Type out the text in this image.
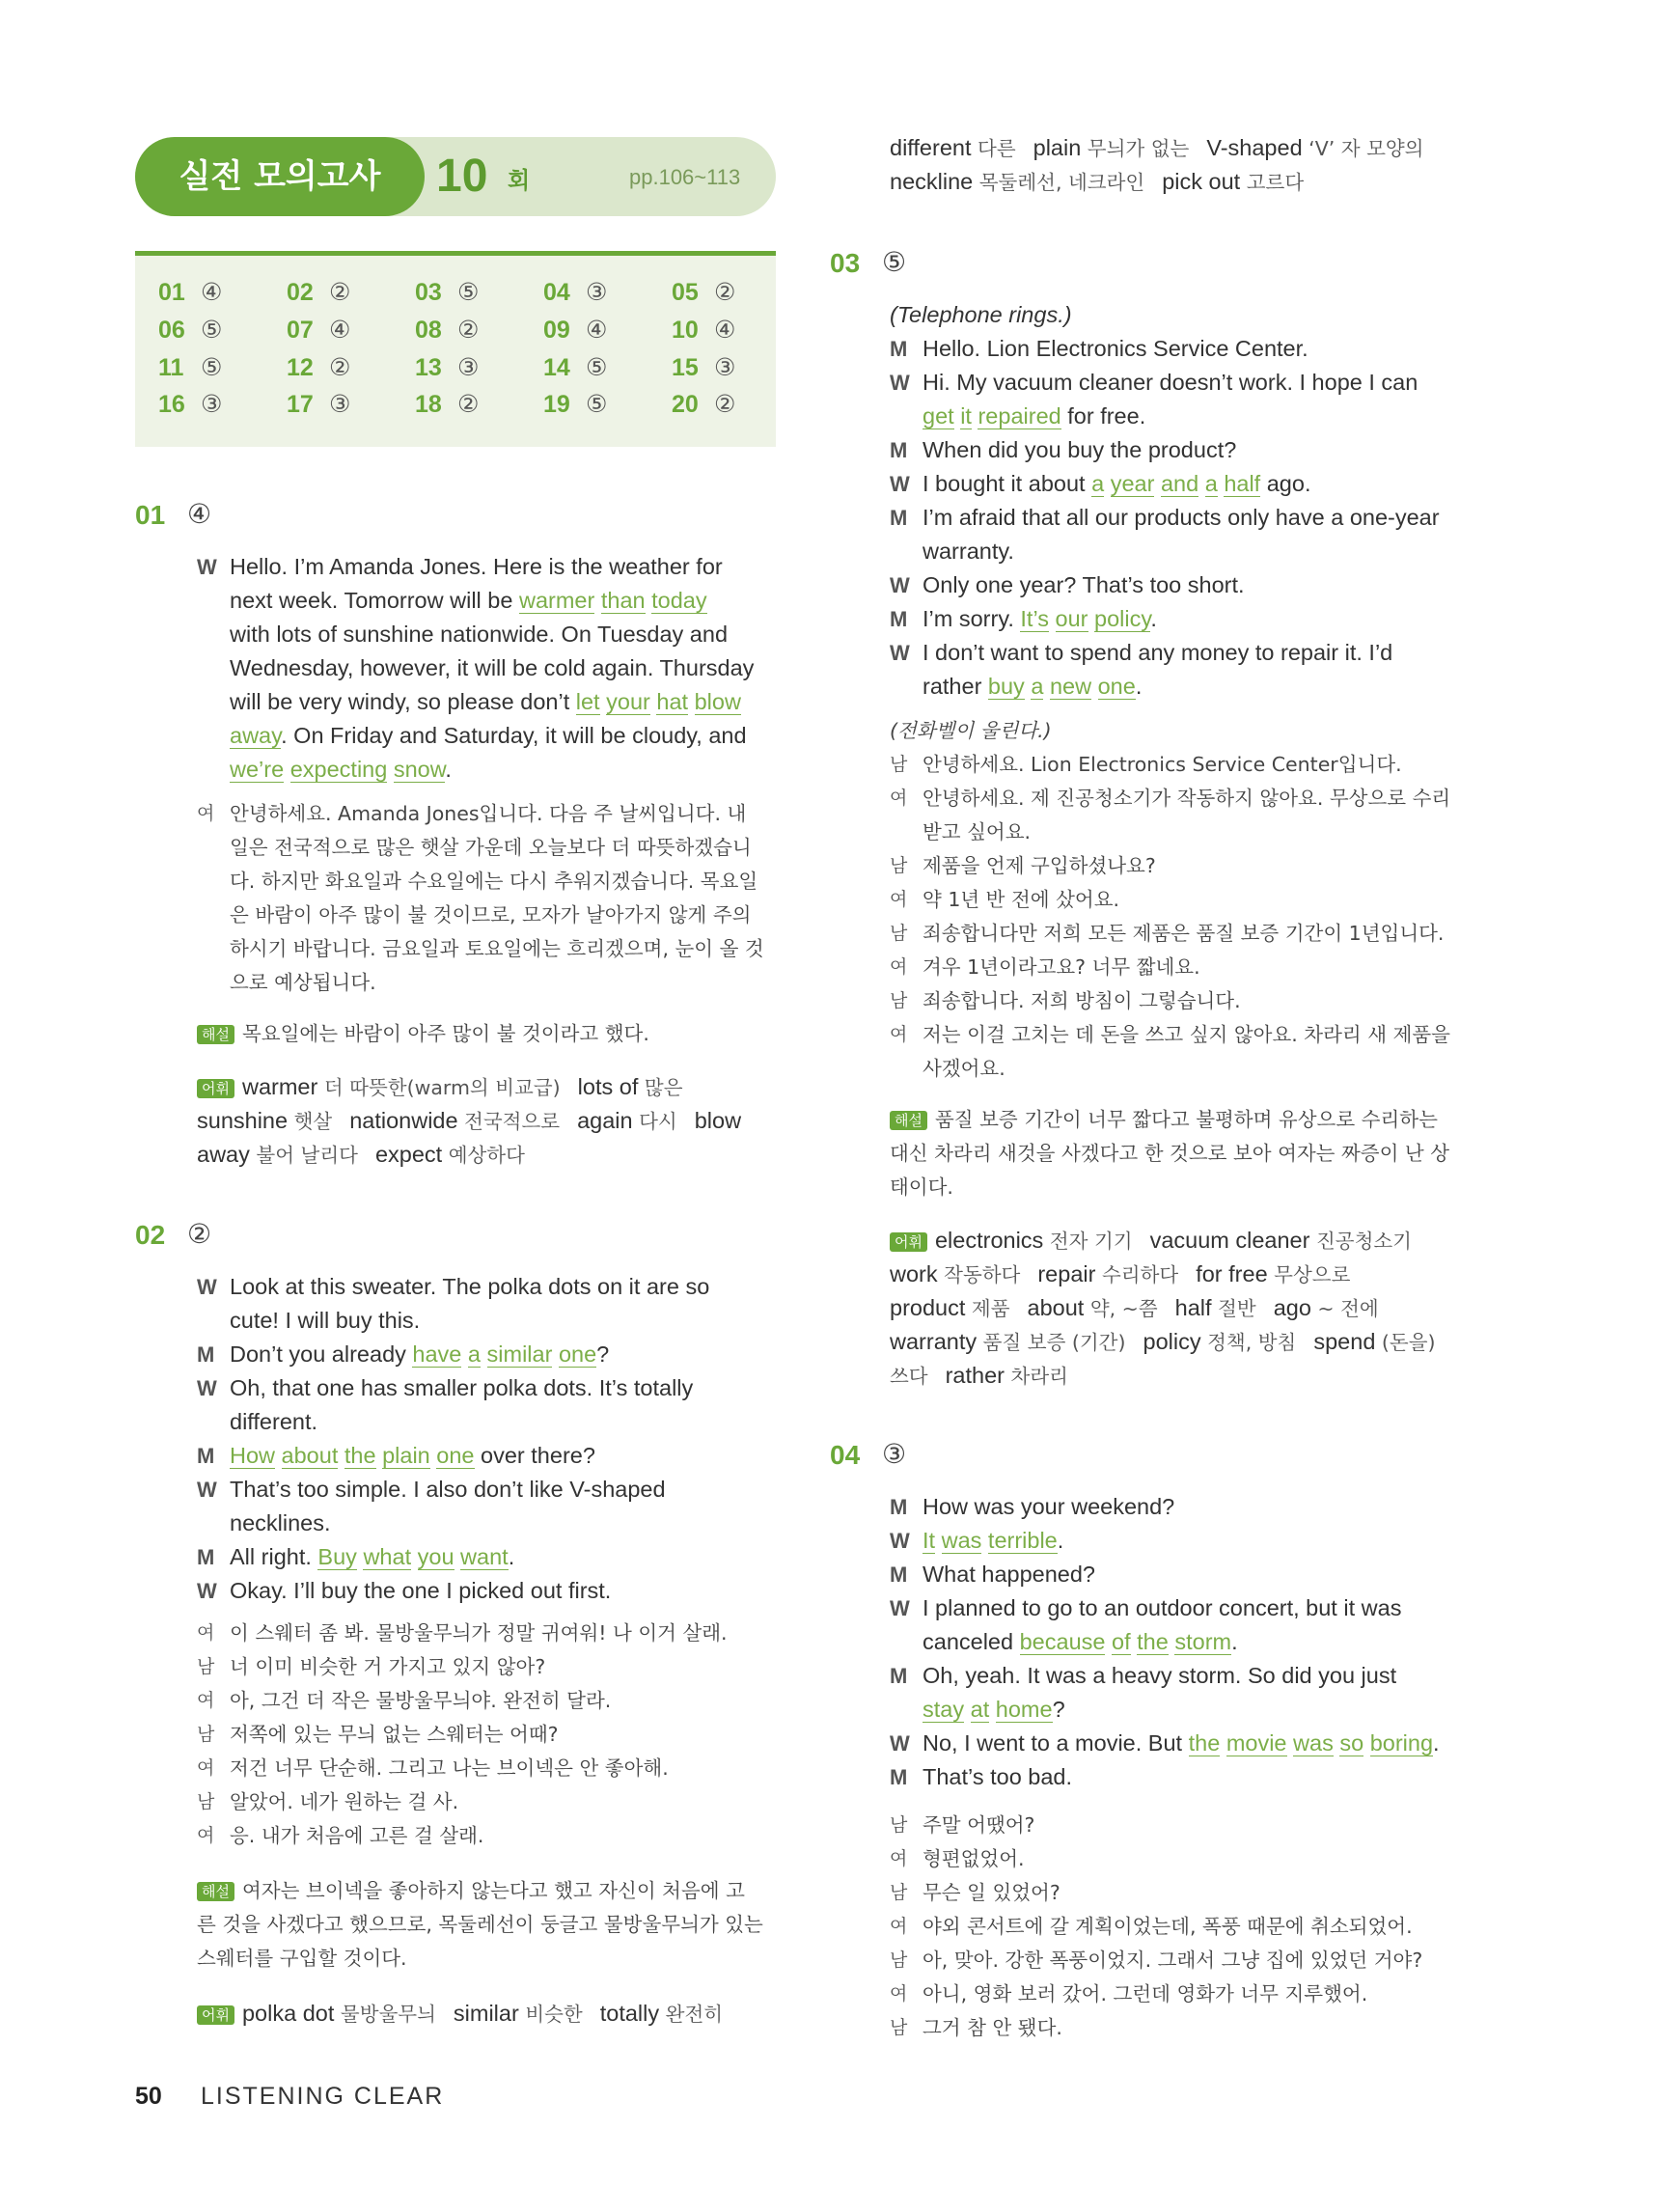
실전 모의고사	10 회	pp.106~113
01 ④	02 ②	03 ⑤	04 ③	05 ②
06 ⑤	07 ④	08 ②	09 ④	10 ④
11 ⑤	12 ②	13 ③	14 ⑤	15 ③
16 ③	17 ③	18 ②	19 ⑤	20 ②
01 ④
W Hello. I’m Amanda Jones. Here is the weather for
next week. Tomorrow will be warmer than today
with lots of sunshine nationwide. On Tuesday and
Wednesday, however, it will be cold again. Thursday
will be very windy, so please don’t let your hat blow
away. On Friday and Saturday, it will be cloudy, and
we’re expecting snow.
여 안녕하세요. Amanda Jones입니다. 다음 주 날씨입니다. 내
일은 전국적으로 많은 햇살 가운데 오늘보다 더 따뜻하겠습니
다. 하지만 화요일과 수요일에는 다시 추워지겠습니다. 목요일
은 바람이 아주 많이 불 것이므로, 모자가 날아가지 않게 주의
하시기 바랍니다. 금요일과 토요일에는 흐리겠으며, 눈이 올 것
으로 예상됩니다.
해설 목요일에는 바람이 아주 많이 불 것이라고 했다.
어휘 warmer 더 따뜻한(warm의 비교급) lots of 많은
sunshine 햇살 nationwide 전국적으로 again 다시 blow
away 불어 날리다 expect 예상하다
02 ②
W Look at this sweater. The polka dots on it are so
cute! I will buy this.
M Don’t you already have a similar one?
W Oh, that one has smaller polka dots. It’s totally
different.
M How about the plain one over there?
W That’s too simple. I also don’t like V-shaped
necklines.
M All right. Buy what you want.
W Okay. I’ll buy the one I picked out first.
여 이 스웨터 좀 봐. 물방울무늬가 정말 귀여워! 나 이거 살래.
남 너 이미 비슷한 거 가지고 있지 않아?
여 아, 그건 더 작은 물방울무늬야. 완전히 달라.
남 저쪽에 있는 무늬 없는 스웨터는 어때?
여 저건 너무 단순해. 그리고 나는 브이넥은 안 좋아해.
남 알았어. 네가 원하는 걸 사.
여 응. 내가 처음에 고른 걸 살래.
해설 여자는 브이넥을 좋아하지 않는다고 했고 자신이 처음에 고
른 것을 사겠다고 했으므로, 목둘레선이 둥글고 물방울무늬가 있는
스웨터를 구입할 것이다.
어휘 polka dot 물방울무늬 similar 비슷한 totally 완전히
different 다른 plain 무늬가 없는 V-shaped ‘V’ 자 모양의
neckline 목둘레선, 네크라인 pick out 고르다
03 ⑤
(Telephone rings.)
M Hello. Lion Electronics Service Center.
W Hi. My vacuum cleaner doesn’t work. I hope I can
get it repaired for free.
M When did you buy the product?
W I bought it about a year and a half ago.
M I’m afraid that all our products only have a one-year
warranty.
W Only one year? That’s too short.
M I’m sorry. It’s our policy.
W I don’t want to spend any money to repair it. I’d
rather buy a new one.
(전화벨이 울린다.)
남 안녕하세요. Lion Electronics Service Center입니다.
여 안녕하세요. 제 진공청소기가 작동하지 않아요. 무상으로 수리
받고 싶어요.
남 제품을 언제 구입하셨나요?
여 약 1년 반 전에 샀어요.
남 죄송합니다만 저희 모든 제품은 품질 보증 기간이 1년입니다.
여 겨우 1년이라고요? 너무 짧네요.
남 죄송합니다. 저희 방침이 그렇습니다.
여 저는 이걸 고치는 데 돈을 쓰고 싶지 않아요. 차라리 새 제품을
사겠어요.
해설 품질 보증 기간이 너무 짧다고 불평하며 유상으로 수리하는
대신 차라리 새것을 사겠다고 한 것으로 보아 여자는 짜증이 난 상
태이다.
어휘 electronics 전자 기기 vacuum cleaner 진공청소기
work 작동하다 repair 수리하다 for free 무상으로
product 제품 about 약, ~쯤 half 절반 ago ~ 전에
warranty 품질 보증 (기간) policy 정책, 방침 spend (돈을)
쓰다 rather 차라리
04 ③
M How was your weekend?
W It was terrible.
M What happened?
W I planned to go to an outdoor concert, but it was
canceled because of the storm.
M Oh, yeah. It was a heavy storm. So did you just
stay at home?
W No, I went to a movie. But the movie was so boring.
M That’s too bad.
남 주말 어땠어?
여 형편없었어.
남 무슨 일 있었어?
여 야외 콘서트에 갈 계획이었는데, 폭풍 때문에 취소되었어.
남 아, 맞아. 강한 폭풍이었지. 그래서 그냥 집에 있었던 거야?
여 아니, 영화 보러 갔어. 그런데 영화가 너무 지루했어.
남 그거 참 안 됐다.
50 LISTENING CLEAR
